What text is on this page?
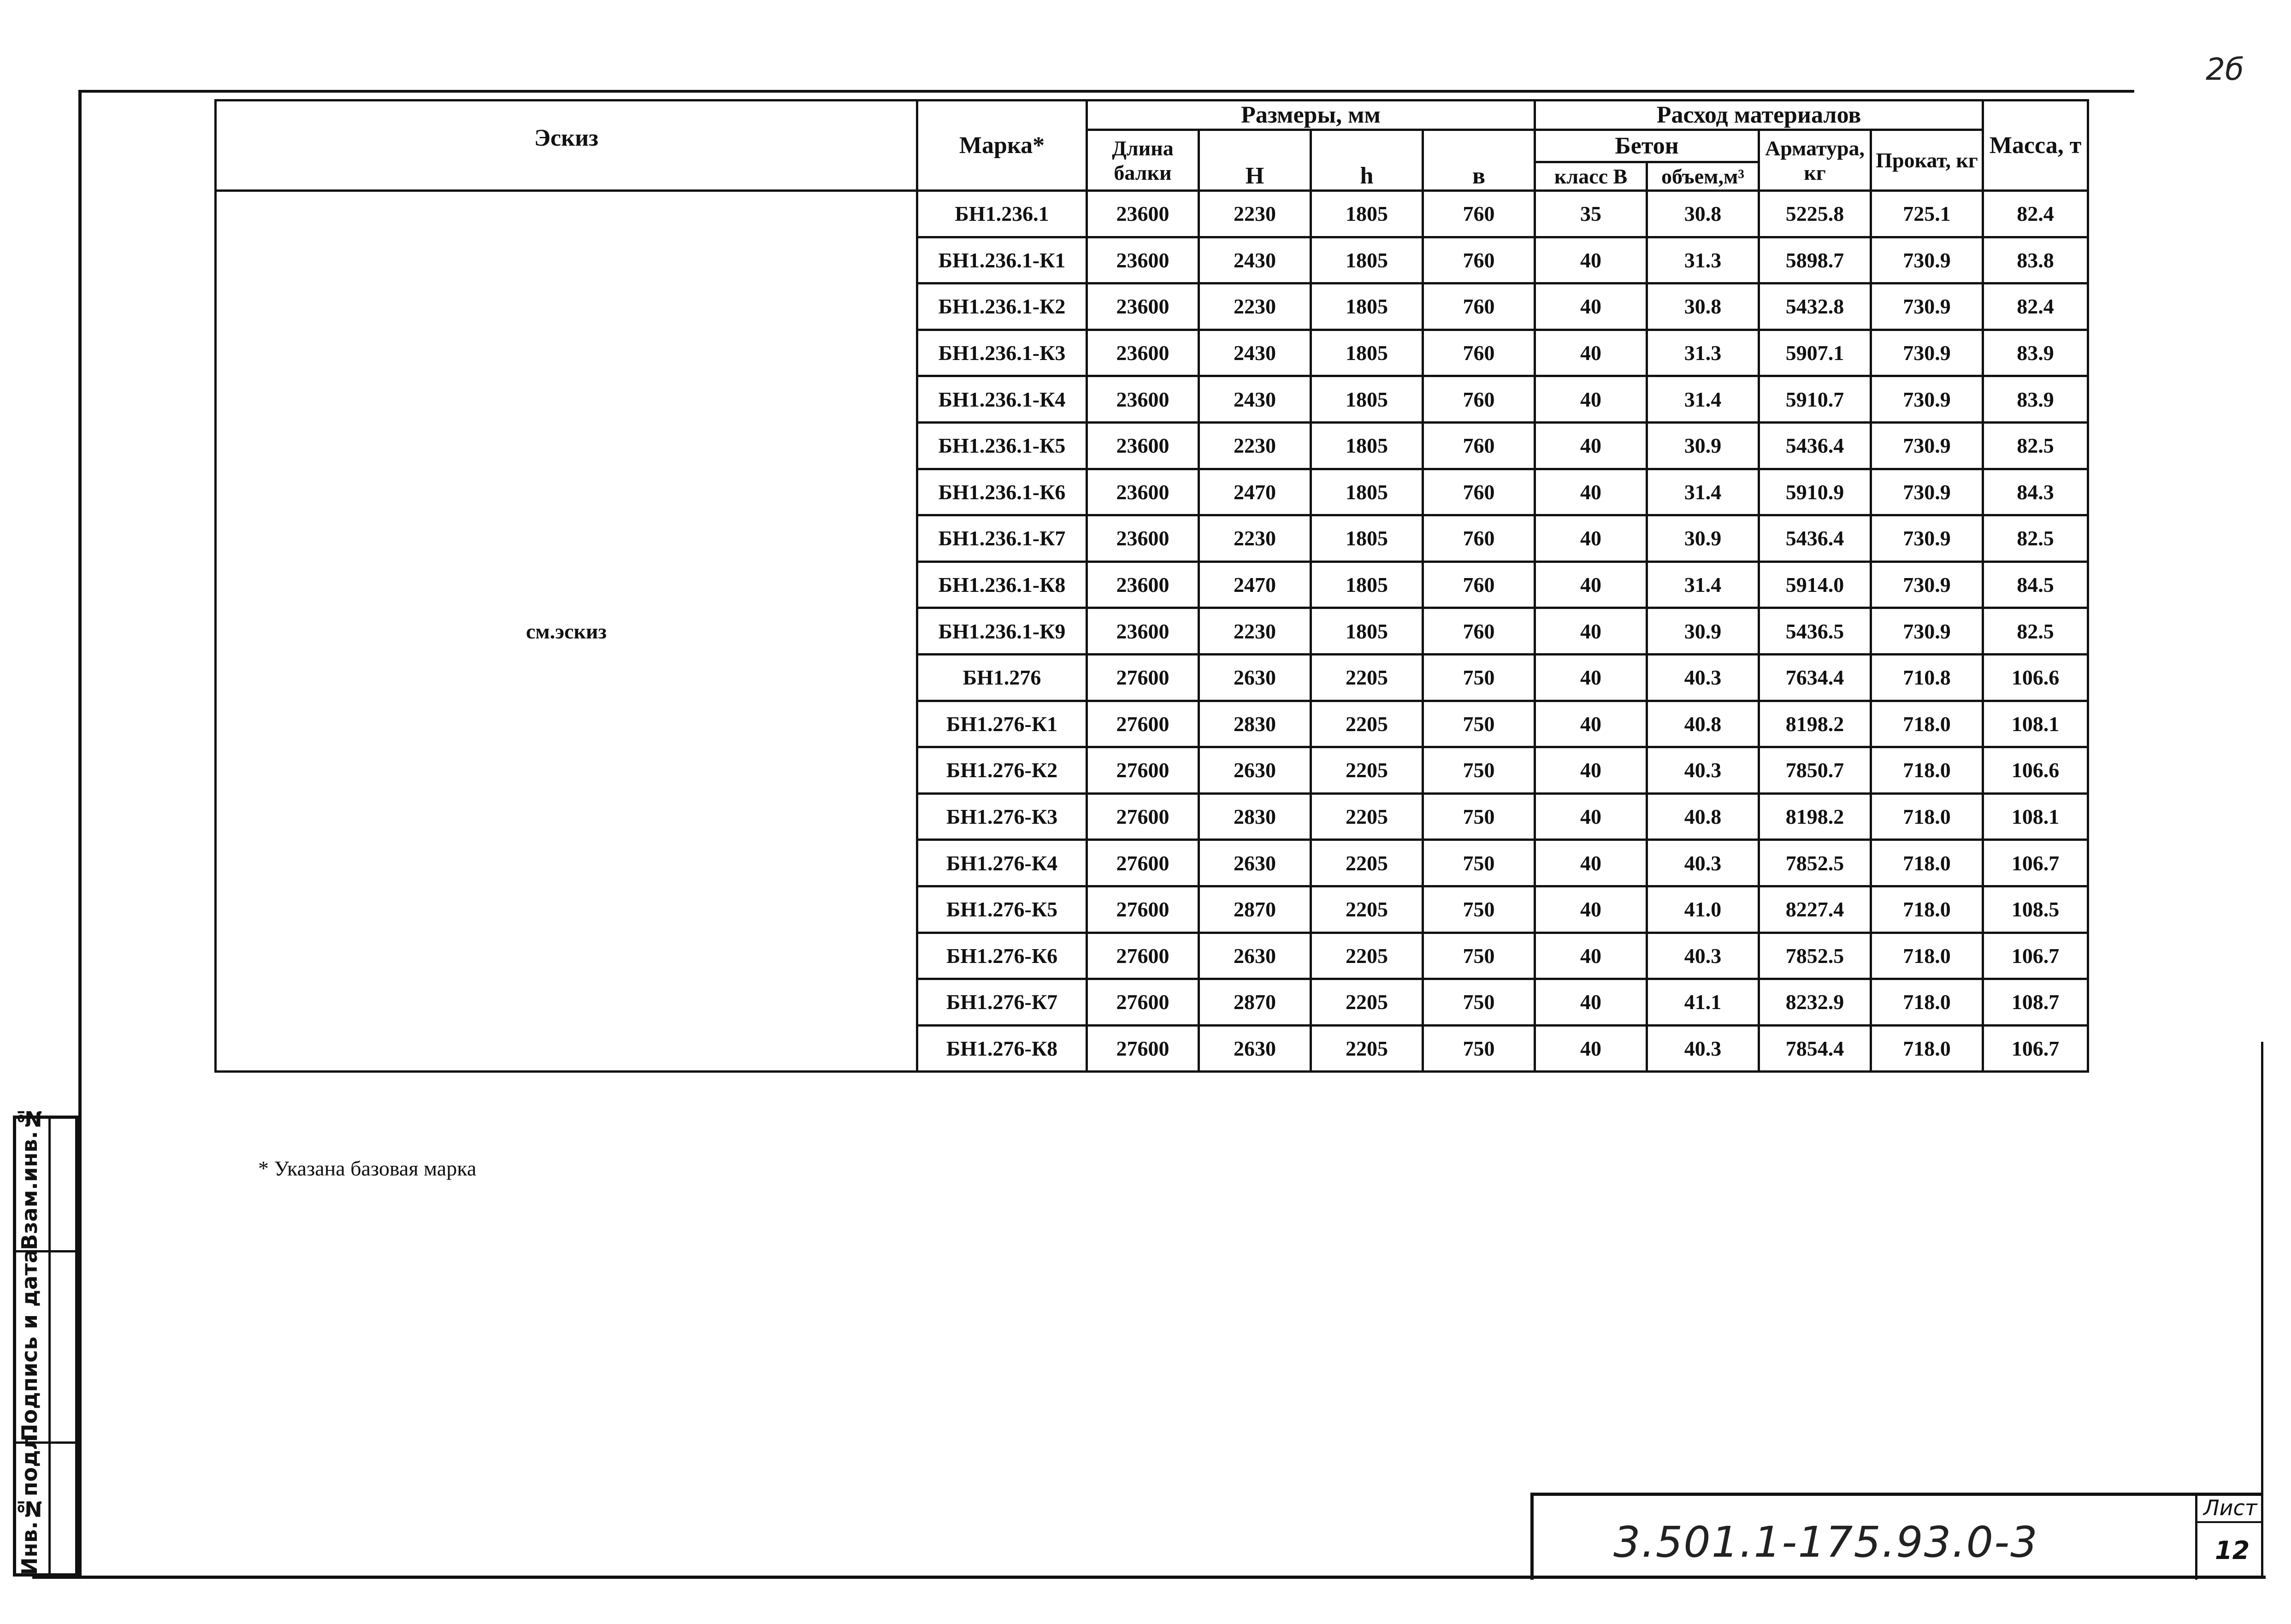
2б
Эскиз	Марка*	Размеры, мм				Расход материалов				Масса, т
		Длина балки	H	h	в	Бетон		Арматура, кг	Прокат, кг	
						класс В	объем,м³			
см.эскиз	БН1.236.1	23600	2230	1805	760	35	30.8	5225.8	725.1	82.4
	БН1.236.1-К1	23600	2430	1805	760	40	31.3	5898.7	730.9	83.8
	БН1.236.1-К2	23600	2230	1805	760	40	30.8	5432.8	730.9	82.4
	БН1.236.1-К3	23600	2430	1805	760	40	31.3	5907.1	730.9	83.9
	БН1.236.1-К4	23600	2430	1805	760	40	31.4	5910.7	730.9	83.9
	БН1.236.1-К5	23600	2230	1805	760	40	30.9	5436.4	730.9	82.5
	БН1.236.1-К6	23600	2470	1805	760	40	31.4	5910.9	730.9	84.3
	БН1.236.1-К7	23600	2230	1805	760	40	30.9	5436.4	730.9	82.5
	БН1.236.1-К8	23600	2470	1805	760	40	31.4	5914.0	730.9	84.5
	БН1.236.1-К9	23600	2230	1805	760	40	30.9	5436.5	730.9	82.5
	БН1.276	27600	2630	2205	750	40	40.3	7634.4	710.8	106.6
	БН1.276-К1	27600	2830	2205	750	40	40.8	8198.2	718.0	108.1
	БН1.276-К2	27600	2630	2205	750	40	40.3	7850.7	718.0	106.6
	БН1.276-К3	27600	2830	2205	750	40	40.8	8198.2	718.0	108.1
	БН1.276-К4	27600	2630	2205	750	40	40.3	7852.5	718.0	106.7
	БН1.276-К5	27600	2870	2205	750	40	41.0	8227.4	718.0	108.5
	БН1.276-К6	27600	2630	2205	750	40	40.3	7852.5	718.0	106.7
	БН1.276-К7	27600	2870	2205	750	40	41.1	8232.9	718.0	108.7
	БН1.276-К8	27600	2630	2205	750	40	40.3	7854.4	718.0	106.7
* Указана базовая марка
Взам.инв.№
Подпись и дата
Инв.№подл.	3.501.1-175.93.0-3
Лист
12
